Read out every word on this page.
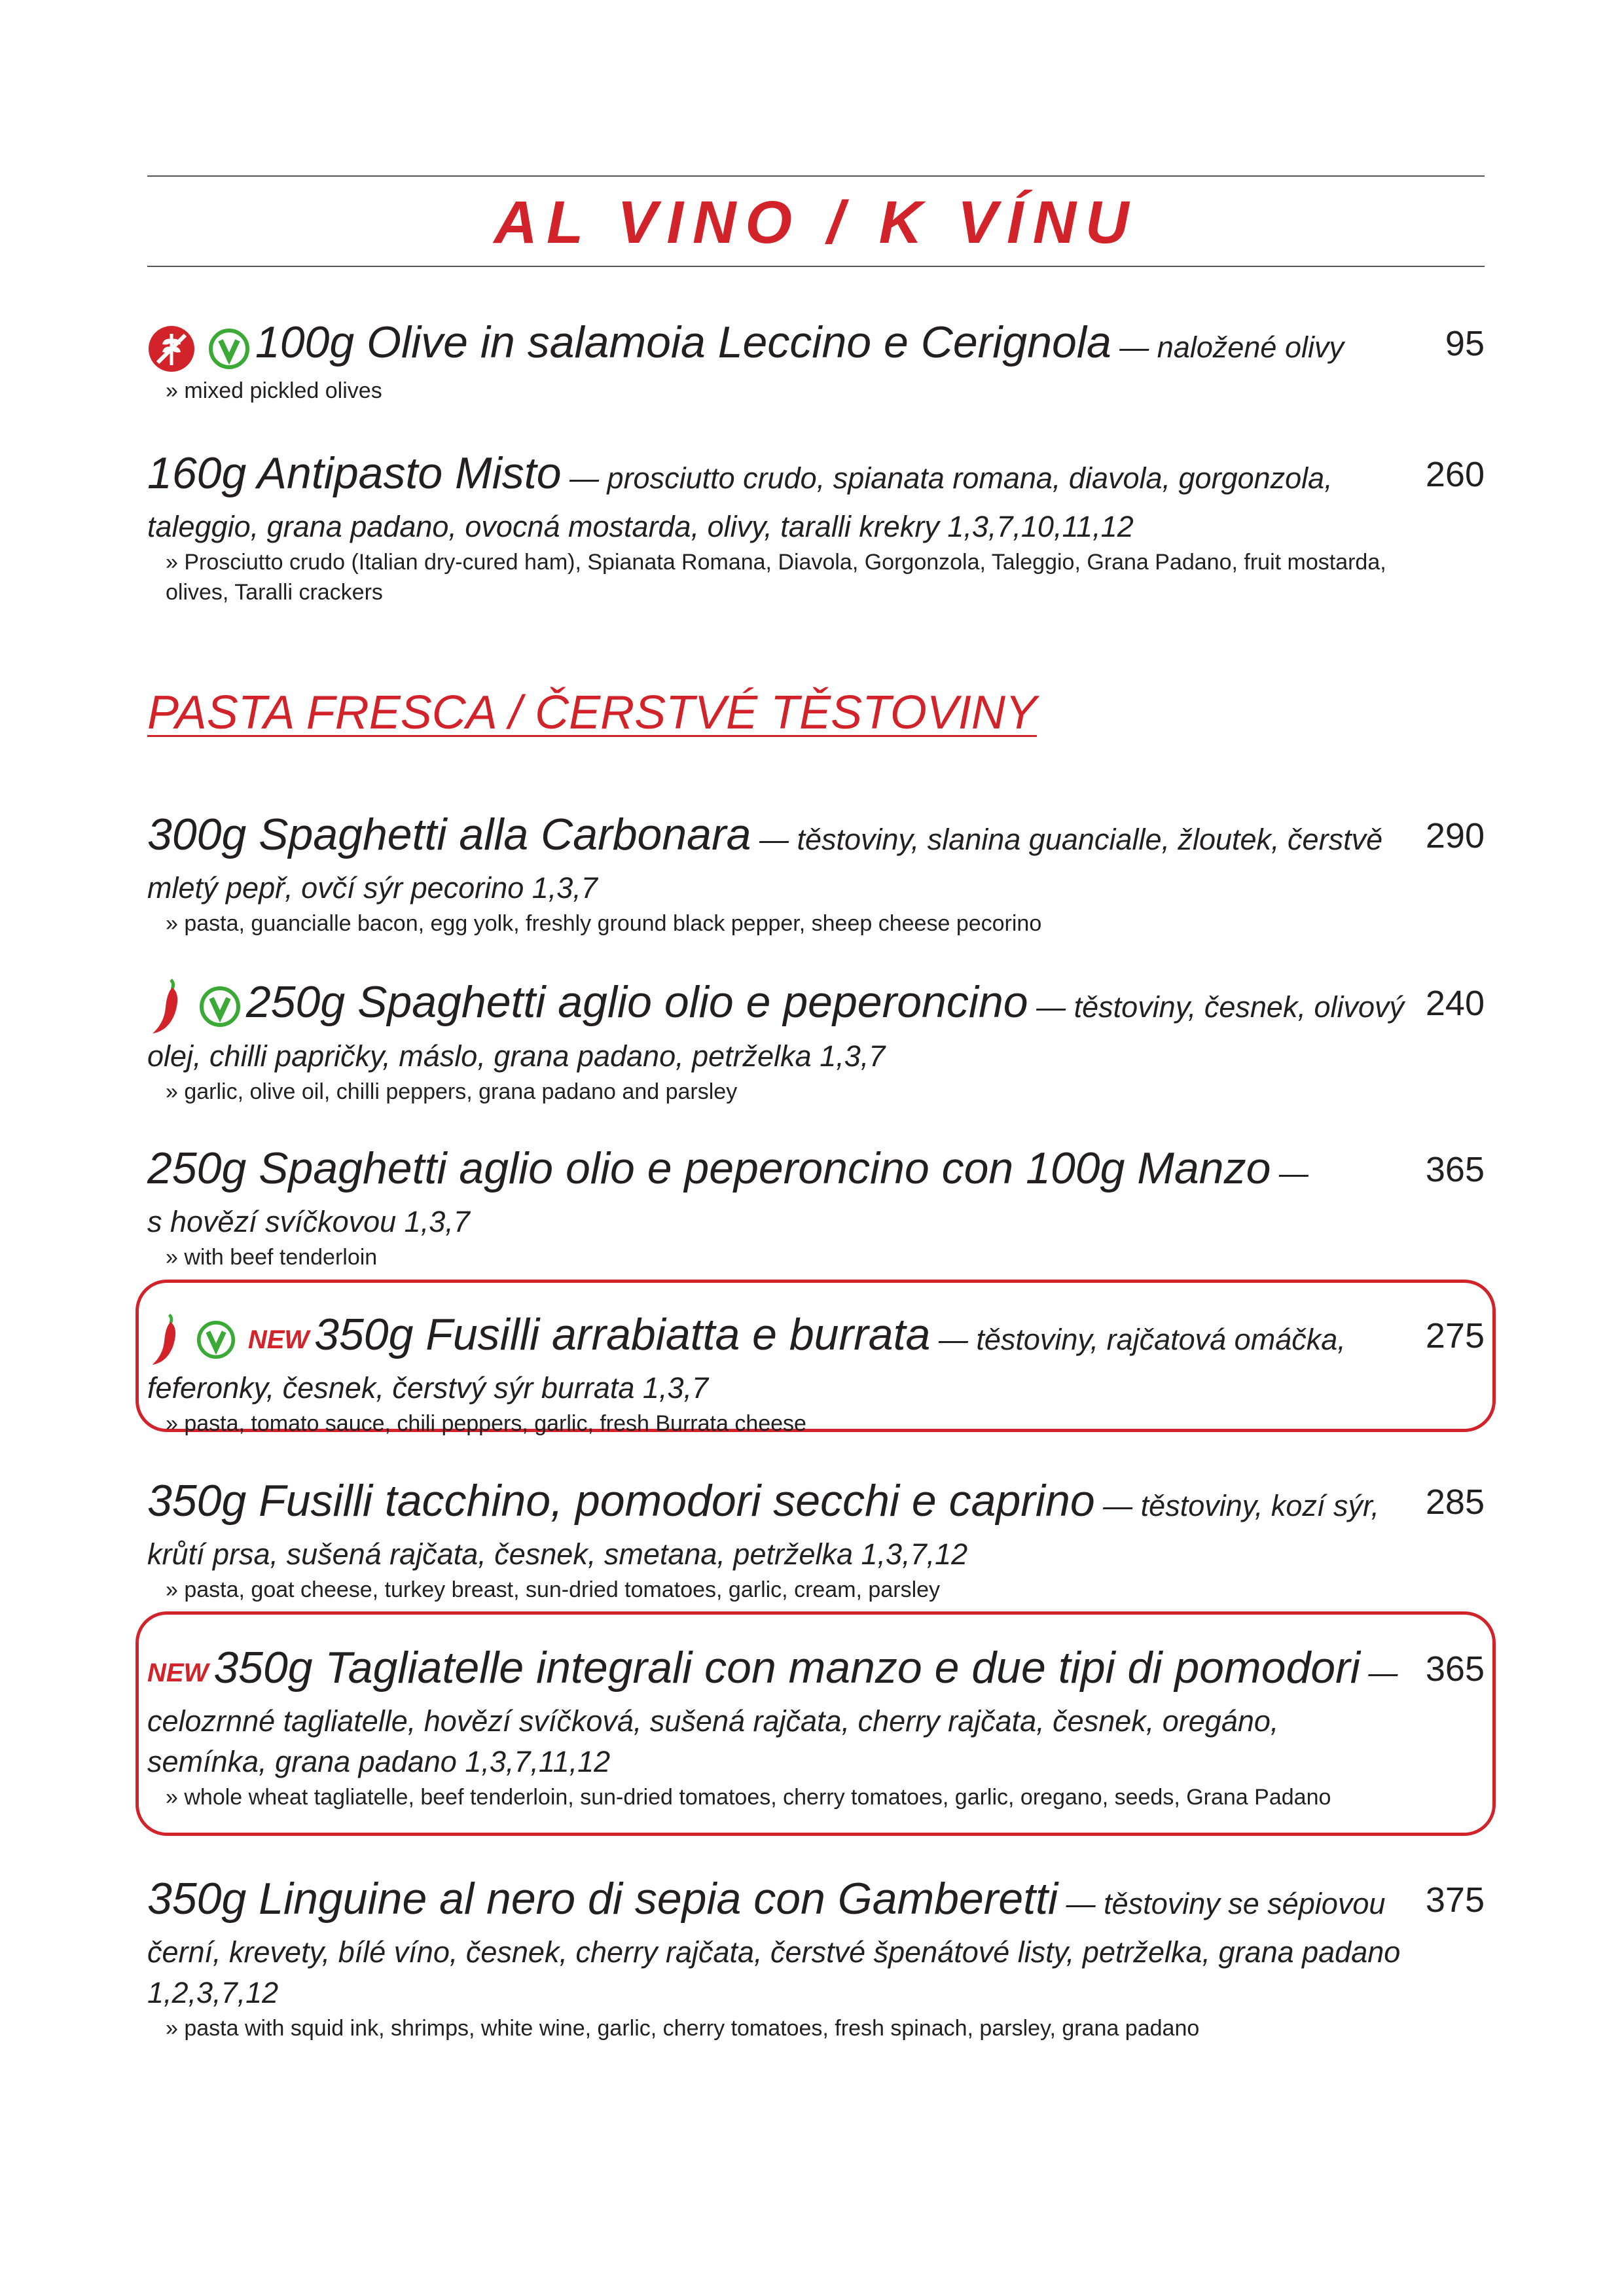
AL VINO / K VÍNU
PASTA FRESCA / ČERSTVÉ TĚSTOVINY
100g Olive in salamoia Leccino e Cerignola — naložené olivy
» mixed pickled olives
95
160g Antipasto Misto — prosciutto crudo, spianata romana, diavola, gorgonzola,
taleggio, grana padano, ovocná mostarda, olivy, taralli krekry 1,3,7,10,11,12
» Prosciutto crudo (Italian dry-cured ham), Spianata Romana, Diavola, Gorgonzola, Taleggio, Grana Padano, fruit mostarda, olives, Taralli crackers
260
300g Spaghetti alla Carbonara — těstoviny, slanina guancialle, žloutek, čerstvě
mletý pepř, ovčí sýr pecorino 1,3,7
» pasta, guancialle bacon, egg yolk, freshly ground black pepper, sheep cheese pecorino
290
250g Spaghetti aglio olio e peperoncino — těstoviny, česnek, olivový
olej, chilli papričky, máslo, grana padano, petrželka 1,3,7
» garlic, olive oil, chilli peppers, grana padano and parsley
240
250g Spaghetti aglio olio e peperoncino con 100g Manzo —
s hovězí svíčkovou 1,3,7
» with beef tenderloin
365
NEW 350g Fusilli arrabiatta e burrata — těstoviny, rajčatová omáčka,
feferonky, česnek, čerstvý sýr burrata 1,3,7
» pasta, tomato sauce, chili peppers, garlic, fresh Burrata cheese
275
350g Fusilli tacchino, pomodori secchi e caprino — těstoviny, kozí sýr,
krůtí prsa, sušená rajčata, česnek, smetana, petrželka 1,3,7,12
» pasta, goat cheese, turkey breast, sun-dried tomatoes, garlic, cream, parsley
285
NEW 350g Tagliatelle integrali con manzo e due tipi di pomodori —
celozrnné tagliatelle, hovězí svíčková, sušená rajčata, cherry rajčata, česnek, oregáno, semínka, grana padano 1,3,7,11,12
» whole wheat tagliatelle, beef tenderloin, sun-dried tomatoes, cherry tomatoes, garlic, oregano, seeds, Grana Padano
365
350g Linguine al nero di sepia con Gamberetti — těstoviny se sépiovou
černí, krevety, bílé víno, česnek, cherry rajčata, čerstvé špenátové listy, petrželka, grana padano 1,2,3,7,12
» pasta with squid ink, shrimps, white wine, garlic, cherry tomatoes, fresh spinach, parsley, grana padano
375
